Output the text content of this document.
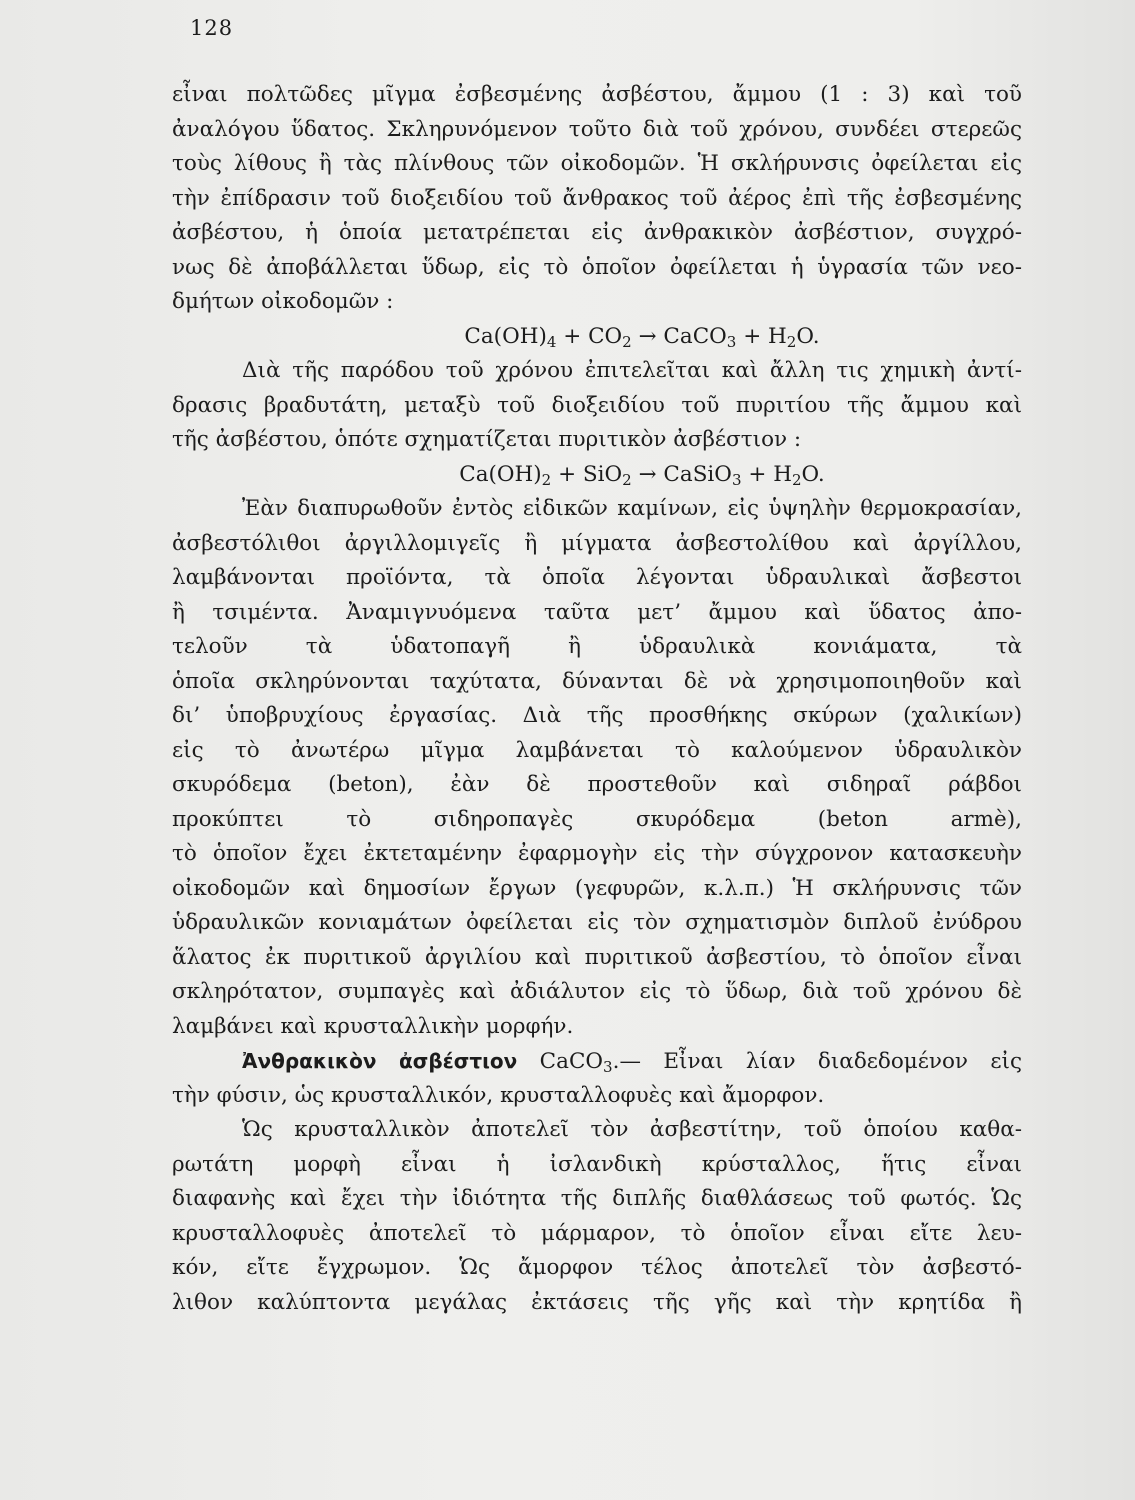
128
εἶναι πολτῶδες μῖγμα ἐσβεσμένης ἀσβέστου, ἄμμου (1 : 3) καὶ τοῦ
ἀναλόγου ὕδατος. Σκληρυνόμενον τοῦτο διὰ τοῦ χρόνου, συνδέει στερεῶς
τοὺς λίθους ἢ τὰς πλίνθους τῶν οἰκοδομῶν. Ἡ σκλήρυνσις ὀφείλεται εἰς
τὴν ἐπίδρασιν τοῦ διοξειδίου τοῦ ἄνθρακος τοῦ ἀέρος ἐπὶ τῆς ἐσβεσμένης
ἀσβέστου, ἡ ὁποία μετατρέπεται εἰς ἀνθρακικὸν ἀσβέστιον, συγχρό-
νως δὲ ἀποβάλλεται ὕδωρ, εἰς τὸ ὁποῖον ὀφείλεται ἡ ὑγρασία τῶν νεο-
δμήτων οἰκοδομῶν :
$Ca(OH)_4 + CO_2$ → CaCO$_3$ + $H_2O$.
Διὰ τῆς παρόδου τοῦ χρόνου ἐπιτελεῖται καὶ ἄλλη τις χημικὴ ἀντί-
δρασις βραδυτάτη, μεταξὺ τοῦ διοξειδίου τοῦ πυριτίου τῆς ἄμμου καὶ
τῆς ἀσβέστου, ὁπότε σχηματίζεται πυριτικὸν ἀσβέστιον :
$Ca(OH)_2 + SiO_2$ → CaSiO$_3$ + $H_2O$.
Ἐὰν διαπυρωθοῦν ἐντὸς εἰδικῶν καμίνων, εἰς ὑψηλὴν θερμοκρασίαν,
ἀσβεστόλιθοι ἀργιλλομιγεῖς ἢ μίγματα ἀσβεστολίθου καὶ ἀργίλλου,
λαμβάνονται προϊόντα, τὰ ὁποῖα λέγονται ὑδραυλικαὶ ἄσβεστοι
ἢ τσιμέντα. Ἀναμιγνυόμενα ταῦτα μετ’ ἄμμου καὶ ὕδατος ἀπο-
τελοῦν τὰ ὑδατοπαγῆ ἢ ὑδραυλικὰ κονιάματα, τὰ
ὁποῖα σκληρύνονται ταχύτατα, δύνανται δὲ νὰ χρησιμοποιηθοῦν καὶ
δι’ ὑποβρυχίους ἐργασίας. Διὰ τῆς προσθήκης σκύρων (χαλικίων)
εἰς τὸ ἀνωτέρω μῖγμα λαμβάνεται τὸ καλούμενον ὑδραυλικὸν
σκυρόδεμα (beton), ἐὰν δὲ προστεθοῦν καὶ σιδηραῖ ράβδοι
προκύπτει τὸ σιδηροπαγὲς σκυρόδεμα (beton armè),
τὸ ὁποῖον ἔχει ἐκτεταμένην ἐφαρμογὴν εἰς τὴν σύγχρονον κατασκευὴν
οἰκοδομῶν καὶ δημοσίων ἔργων (γεφυρῶν, κ.λ.π.) Ἡ σκλήρυνσις τῶν
ὑδραυλικῶν κονιαμάτων ὀφείλεται εἰς τὸν σχηματισμὸν διπλοῦ ἐνύδρου
ἅλατος ἐκ πυριτικοῦ ἀργιλίου καὶ πυριτικοῦ ἀσβεστίου, τὸ ὁποῖον εἶναι
σκληρότατον, συμπαγὲς καὶ ἀδιάλυτον εἰς τὸ ὕδωρ, διὰ τοῦ χρόνου δὲ
λαμβάνει καὶ κρυσταλλικὴν μορφήν.
Ἀνθρακικὸν ἀσβέστιον CaCO$_3$.— Εἶναι λίαν διαδεδομένον εἰς
τὴν φύσιν, ὡς κρυσταλλικόν, κρυσταλλοφυὲς καὶ ἄμορφον.
Ὡς κρυσταλλικὸν ἀποτελεῖ τὸν ἀσβεστίτην, τοῦ ὁποίου καθα-
ρωτάτη μορφὴ εἶναι ἡ ἰσλανδικὴ κρύσταλλος, ἥτις εἶναι
διαφανὴς καὶ ἔχει τὴν ἰδιότητα τῆς διπλῆς διαθλάσεως τοῦ φωτός. Ὡς
κρυσταλλοφυὲς ἀποτελεῖ τὸ μάρμαρον, τὸ ὁποῖον εἶναι εἴτε λευ-
κόν, εἴτε ἔγχρωμον. Ὡς ἄμορφον τέλος ἀποτελεῖ τὸν ἀσβεστό-
λιθον καλύπτοντα μεγάλας ἐκτάσεις τῆς γῆς καὶ τὴν κρητίδα ἢ
